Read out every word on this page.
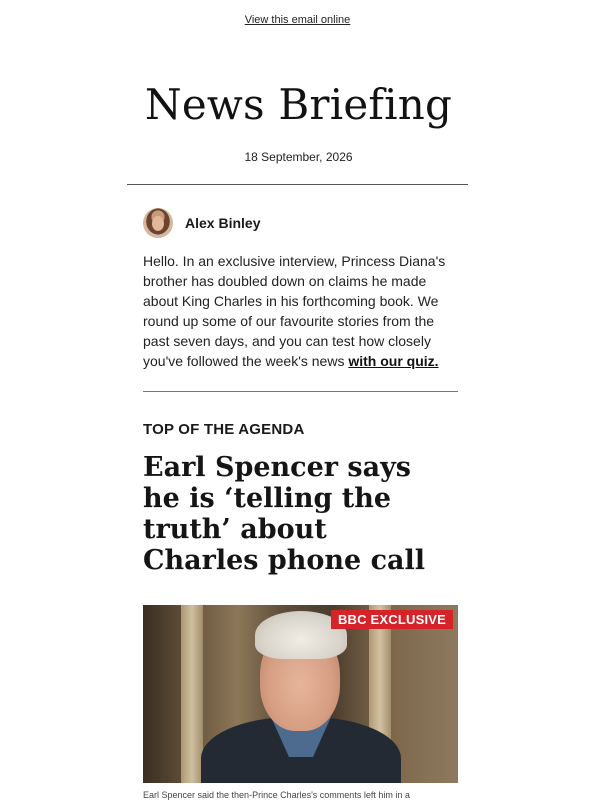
View this email online
News Briefing
18 September, 2026
Alex Binley
Hello. In an exclusive interview, Princess Diana's brother has doubled down on claims he made about King Charles in his forthcoming book. We round up some of our favourite stories from the past seven days, and you can test how closely you've followed the week's news with our quiz.
TOP OF THE AGENDA
Earl Spencer says he is ‘telling the truth’ about Charles phone call
BBC EXCLUSIVE
Earl Spencer said the then-Prince Charles's comments left him in a
